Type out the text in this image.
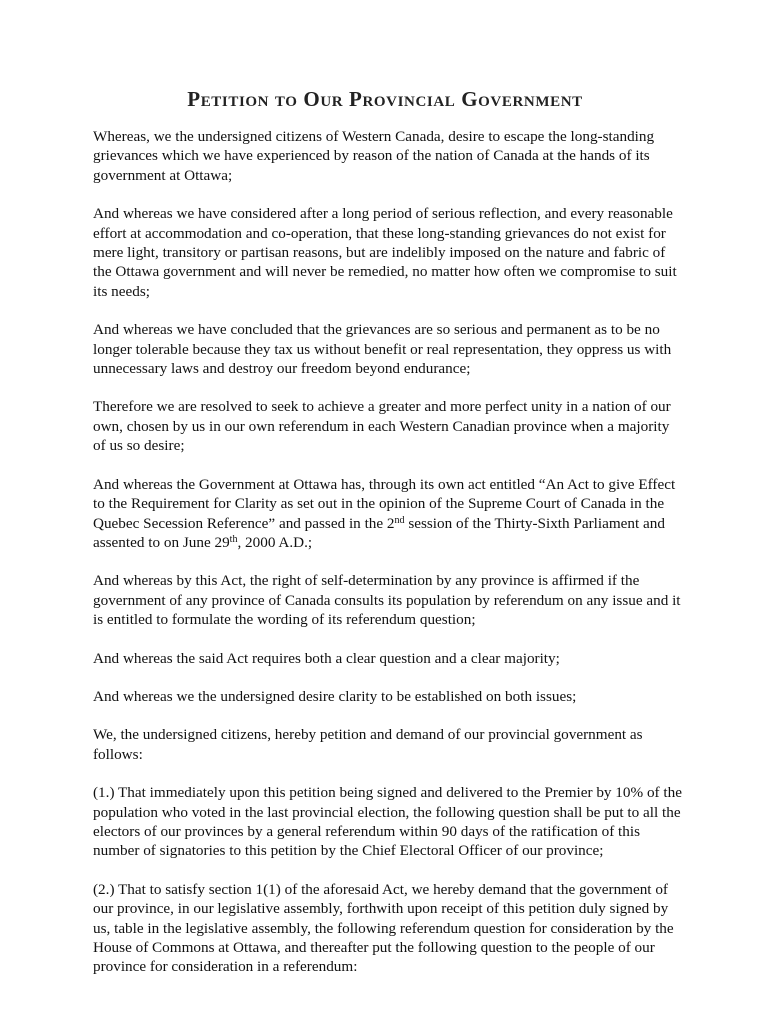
Petition to Our Provincial Government

Whereas, we the undersigned citizens of Western Canada, desire to escape the long-standing grievances which we have experienced by reason of the nation of Canada at the hands of its government at Ottawa;

And whereas we have considered after a long period of serious reflection, and every reasonable effort at accommodation and co-operation, that these long-standing grievances do not exist for mere light, transitory or partisan reasons, but are indelibly imposed on the nature and fabric of the Ottawa government and will never be remedied, no matter how often we compromise to suit its needs;

And whereas we have concluded that the grievances are so serious and permanent as to be no longer tolerable because they tax us without benefit or real representation, they oppress us with unnecessary laws and destroy our freedom beyond endurance;

Therefore we are resolved to seek to achieve a greater and more perfect unity in a nation of our own, chosen by us in our own referendum in each Western Canadian province when a majority of us so desire;

And whereas the Government at Ottawa has, through its own act entitled “An Act to give Effect to the Requirement for Clarity as set out in the opinion of the Supreme Court of Canada in the Quebec Secession Reference” and passed in the 2nd session of the Thirty-Sixth Parliament and assented to on June 29th, 2000 A.D.;

And whereas by this Act, the right of self-determination by any province is affirmed if the government of any province of Canada consults its population by referendum on any issue and it is entitled to formulate the wording of its referendum question;

And whereas the said Act requires both a clear question and a clear majority;

And whereas we the undersigned desire clarity to be established on both issues;

We, the undersigned citizens, hereby petition and demand of our provincial government as follows:

(1.) That immediately upon this petition being signed and delivered to the Premier by 10% of the population who voted in the last provincial election, the following question shall be put to all the electors of our provinces by a general referendum within 90 days of the ratification of this number of signatories to this petition by the Chief Electoral Officer of our province;

(2.) That to satisfy section 1(1) of the aforesaid Act, we hereby demand that the government of our province, in our legislative assembly, forthwith upon receipt of this petition duly signed by us, table in the legislative assembly, the following referendum question for consideration by the House of Commons at Ottawa, and thereafter put the following question to the people of our province for consideration in a referendum:
